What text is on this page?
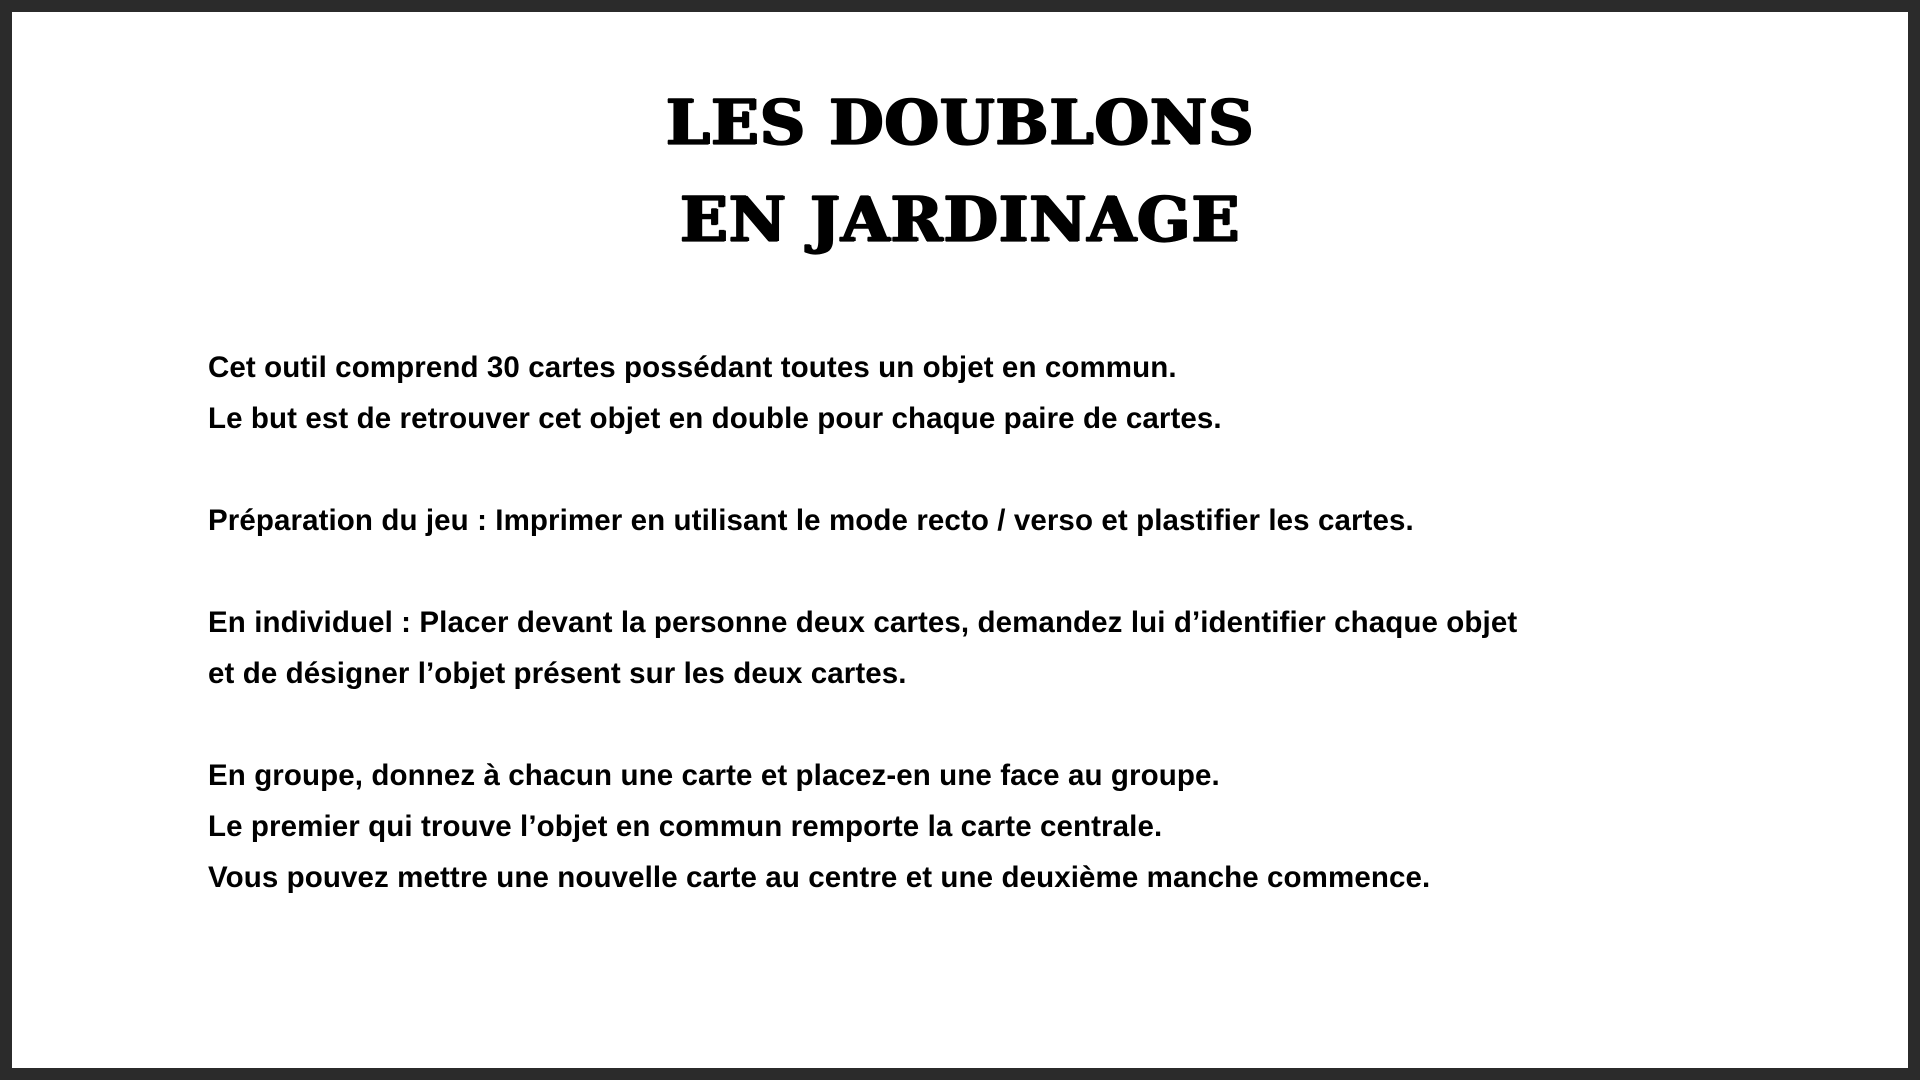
LES DOUBLONS
EN JARDINAGE
Cet outil comprend 30 cartes possédant toutes un objet en commun.
Le but est de retrouver cet objet en double pour chaque paire de cartes.
Préparation du jeu : Imprimer en utilisant le mode recto / verso et plastifier les cartes.
En individuel : Placer devant la personne deux cartes, demandez lui d’identifier chaque objet
et de désigner l’objet présent sur les deux cartes.
En groupe, donnez à chacun une carte et placez-en une face au groupe.
Le premier qui trouve l’objet en commun remporte la carte centrale.
Vous pouvez mettre une nouvelle carte au centre et une deuxième manche commence.
